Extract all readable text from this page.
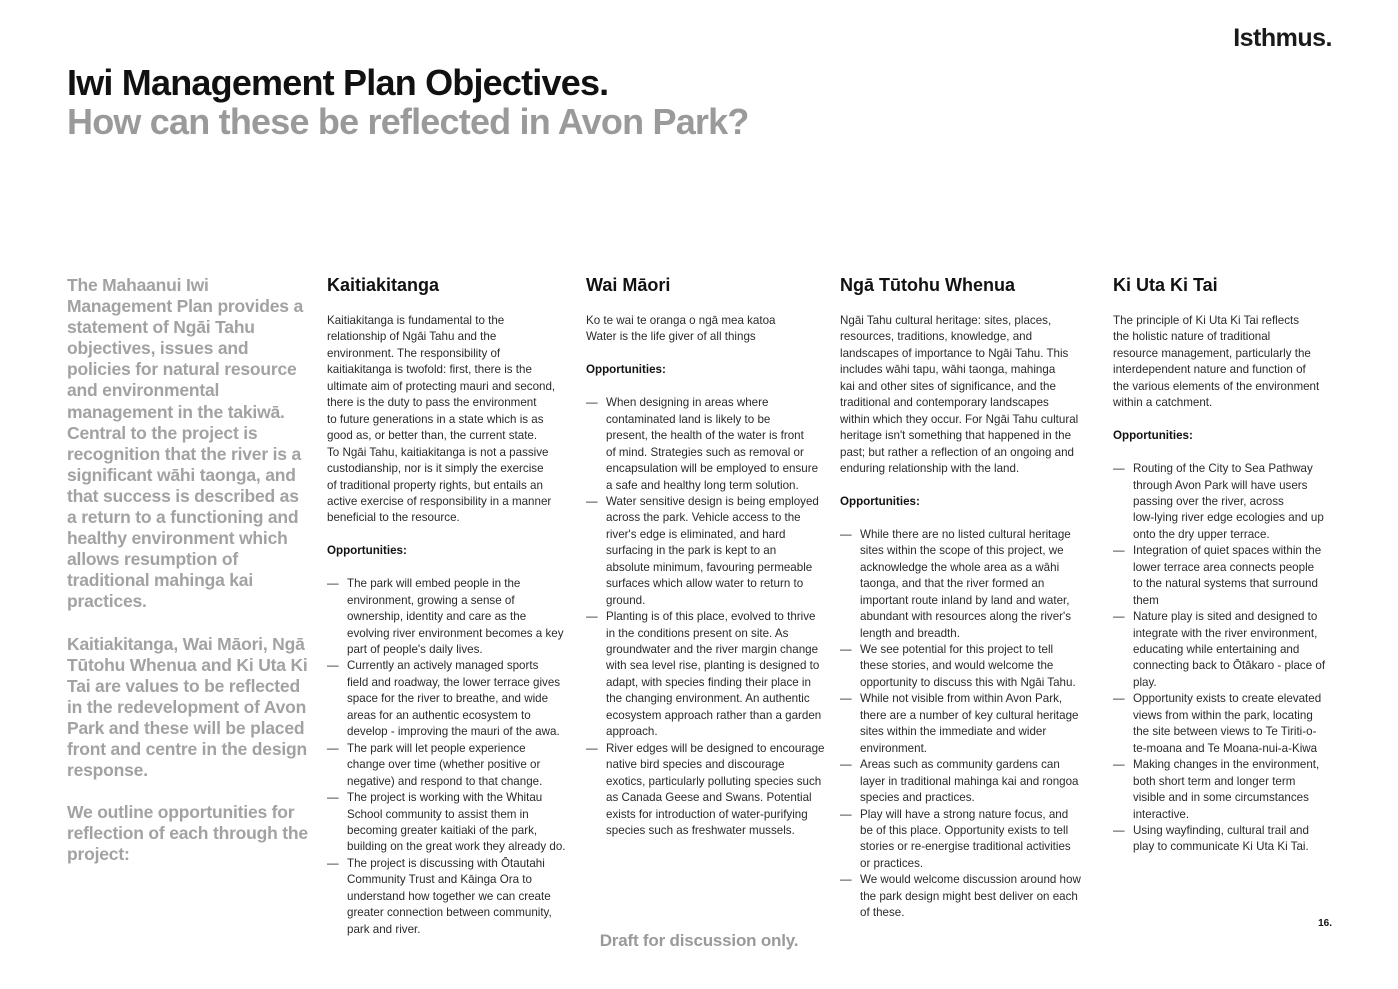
Isthmus.
Iwi Management Plan Objectives.
How can these be reflected in Avon Park?

The Mahaanui Iwi Management Plan provides a statement of Ngāi Tahu objectives, issues and policies for natural resource and environmental management in the takiwā. Central to the project is recognition that the river is a significant wāhi taonga, and that success is described as a return to a functioning and healthy environment which allows resumption of traditional mahinga kai practices.

Kaitiakitanga, Wai Māori, Ngā Tūtohu Whenua and Ki Uta Ki Tai are values to be reflected in the redevelopment of Avon Park and these will be placed front and centre in the design response.

We outline opportunities for reflection of each through the project:

Kaitiakitanga
Kaitiakitanga is fundamental to the
relationship of Ngāi Tahu and the
environment. The responsibility of
kaitiakitanga is twofold: first, there is the
ultimate aim of protecting mauri and second,
there is the duty to pass the environment
to future generations in a state which is as
good as, or better than, the current state.
To Ngāi Tahu, kaitiakitanga is not a passive
custodianship, nor is it simply the exercise
of traditional property rights, but entails an
active exercise of responsibility in a manner
beneficial to the resource.
Opportunities:
— The park will embed people in the
environment, growing a sense of
ownership, identity and care as the
evolving river environment becomes a key
part of people's daily lives.
— Currently an actively managed sports
field and roadway, the lower terrace gives
space for the river to breathe, and wide
areas for an authentic ecosystem to
develop - improving the mauri of the awa.
— The park will let people experience
change over time (whether positive or
negative) and respond to that change.
— The project is working with the Whitau
School community to assist them in
becoming greater kaitiaki of the park,
building on the great work they already do.
— The project is discussing with Ōtautahi
Community Trust and Kāinga Ora to
understand how together we can create
greater connection between community,
park and river.
Wai Māori
Ko te wai te oranga o ngā mea katoa
Water is the life giver of all things
Opportunities:
— When designing in areas where
contaminated land is likely to be
present, the health of the water is front
of mind. Strategies such as removal or
encapsulation will be employed to ensure
a safe and healthy long term solution.
— Water sensitive design is being employed
across the park. Vehicle access to the
river's edge is eliminated, and hard
surfacing in the park is kept to an
absolute minimum, favouring permeable
surfaces which allow water to return to
ground.
— Planting is of this place, evolved to thrive
in the conditions present on site. As
groundwater and the river margin change
with sea level rise, planting is designed to
adapt, with species finding their place in
the changing environment. An authentic
ecosystem approach rather than a garden
approach.
— River edges will be designed to encourage
native bird species and discourage
exotics, particularly polluting species such
as Canada Geese and Swans. Potential
exists for introduction of water-purifying
species such as freshwater mussels.
Ngā Tūtohu Whenua
Ngāi Tahu cultural heritage: sites, places,
resources, traditions, knowledge, and
landscapes of importance to Ngāi Tahu. This
includes wāhi tapu, wāhi taonga, mahinga
kai and other sites of significance, and the
traditional and contemporary landscapes
within which they occur. For Ngāi Tahu cultural
heritage isn't something that happened in the
past; but rather a reflection of an ongoing and
enduring relationship with the land.
Opportunities:
— While there are no listed cultural heritage
sites within the scope of this project, we
acknowledge the whole area as a wāhi
taonga, and that the river formed an
important route inland by land and water,
abundant with resources along the river's
length and breadth.
— We see potential for this project to tell
these stories, and would welcome the
opportunity to discuss this with Ngāi Tahu.
— While not visible from within Avon Park,
there are a number of key cultural heritage
sites within the immediate and wider
environment.
— Areas such as community gardens can
layer in traditional mahinga kai and rongoa
species and practices.
— Play will have a strong nature focus, and
be of this place. Opportunity exists to tell
stories or re-energise traditional activities
or practices.
— We would welcome discussion around how
the park design might best deliver on each
of these.
Ki Uta Ki Tai
The principle of Ki Uta Ki Tai reflects
the holistic nature of traditional
resource management, particularly the
interdependent nature and function of
the various elements of the environment
within a catchment.
Opportunities:
— Routing of the City to Sea Pathway
through Avon Park will have users
passing over the river, across
low-lying river edge ecologies and up
onto the dry upper terrace.
— Integration of quiet spaces within the
lower terrace area connects people
to the natural systems that surround
them
— Nature play is sited and designed to
integrate with the river environment,
educating while entertaining and
connecting back to Ōtākaro - place of
play.
— Opportunity exists to create elevated
views from within the park, locating
the site between views to Te Tiriti-o-
te-moana and Te Moana-nui-a-Kiwa
— Making changes in the environment,
both short term and longer term
visible and in some circumstances
interactive.
— Using wayfinding, cultural trail and
play to communicate Ki Uta Ki Tai.
Draft for discussion only.
16.
